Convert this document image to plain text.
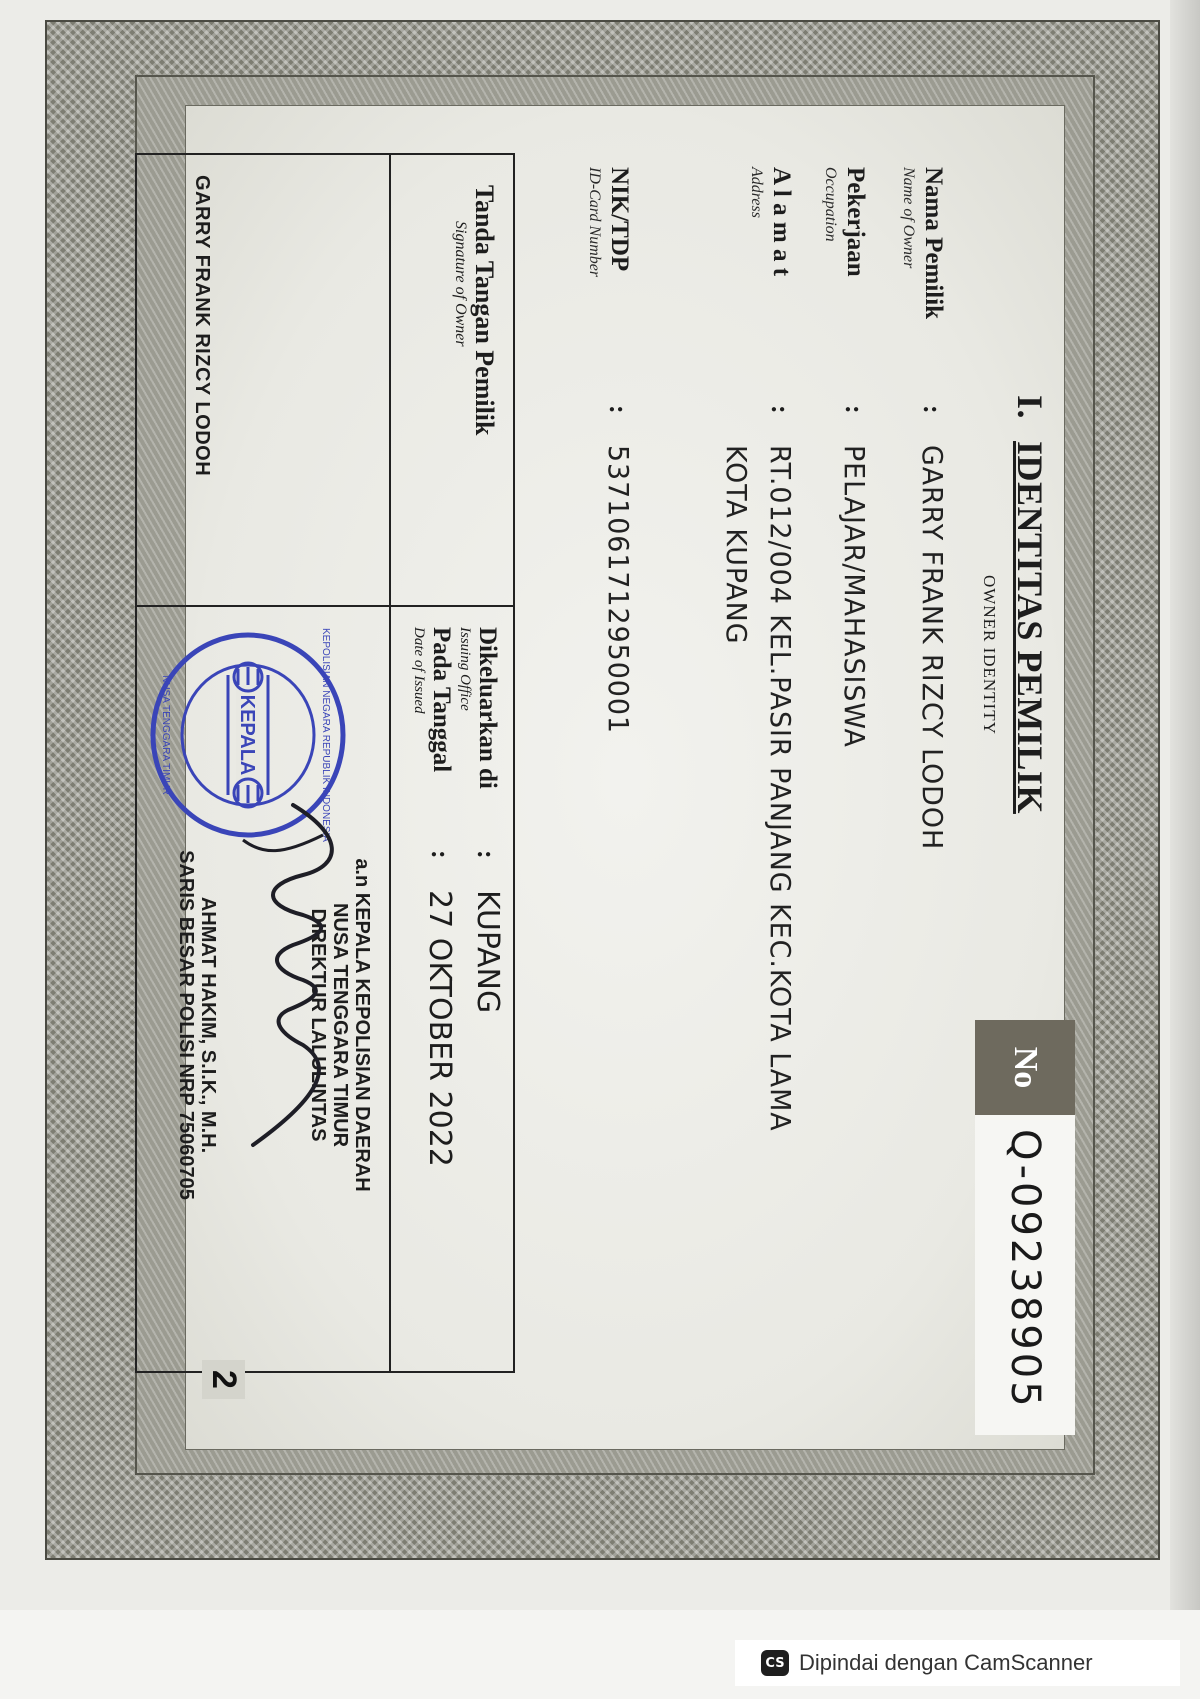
I.IDENTITAS PEMILIK
OWNER IDENTITY
No
Q-09238905
Nama Pemilik
Name of Owner
:
GARRY FRANK RIZCY LODOH
Pekerjaan
Occupation
:
PELAJAR/MAHASISWA
A l a m a t
Address
:
RT.012/004 KEL.PASIR PANJANG KEC.KOTA LAMA
KOTA KUPANG
NIK/TDP
ID-Card Number
:
5371061712950001
Tanda Tangan Pemilik
Signature of Owner
GARRY FRANK RIZCY LODOH
Dikeluarkan di
Issuing Office
Pada Tanggal
Date of Issued
:
:
KUPANG
27 OKTOBER 2022
a.n KEPALA KEPOLISIAN DAERAH
NUSA TENGGARA TIMUR
DIREKTUR LALULINTAS
AHMAT HAKIM, S.I.K., M.H.
SARIS BESAR POLISI NRP 75060705
KEPALA	KEPOLISIAN NEGARA REPUBLIK INDONESIA
NUSA TENGGARA TIMUR
2
CS Dipindai dengan CamScanner
